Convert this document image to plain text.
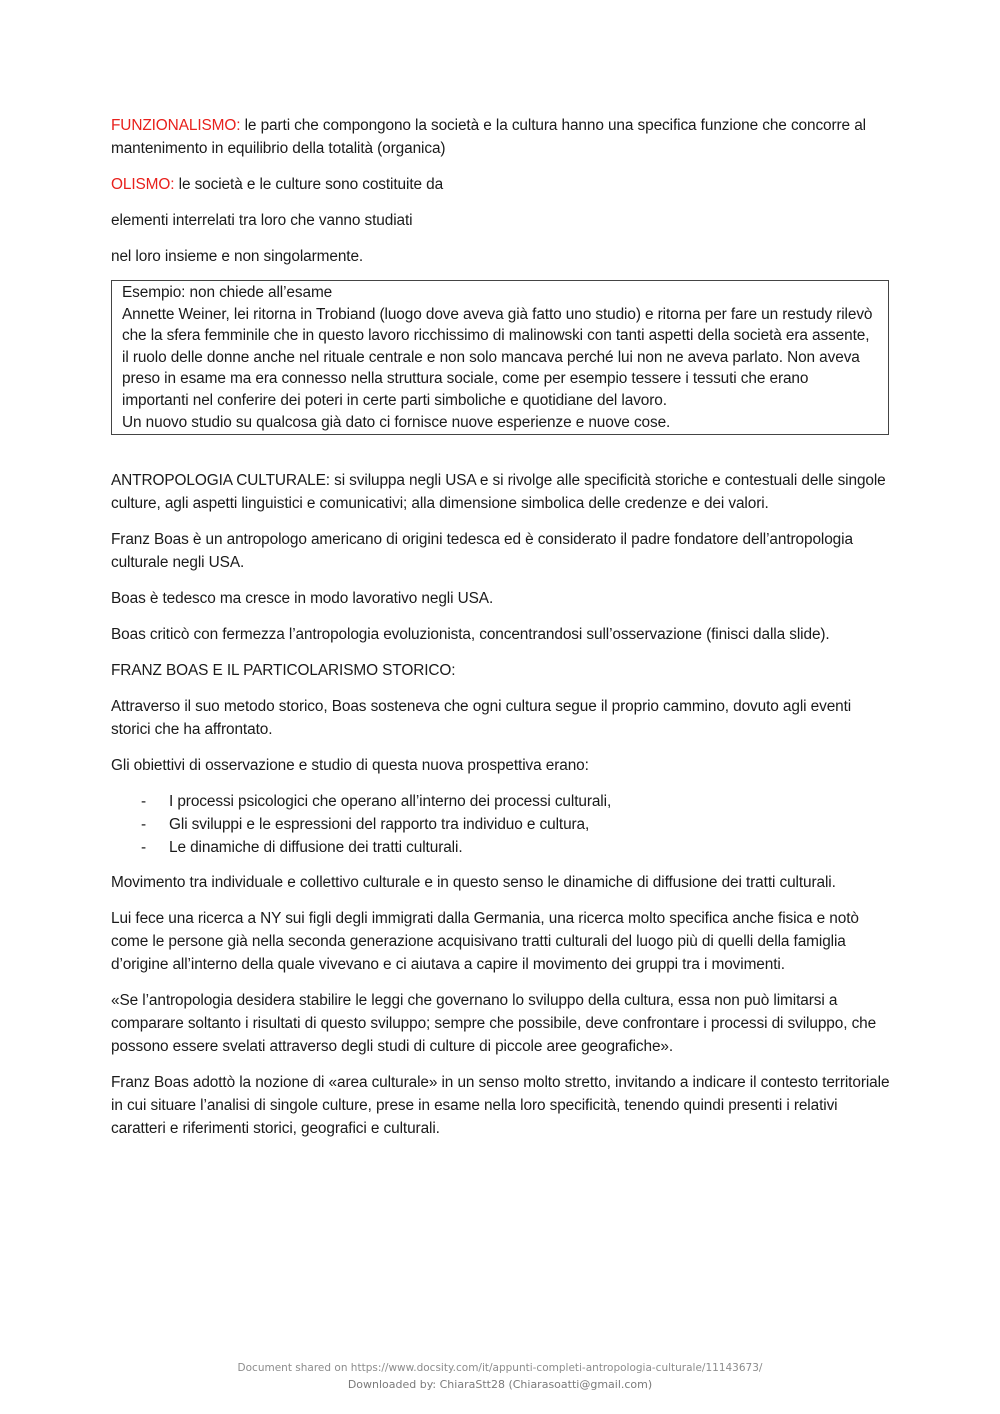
FUNZIONALISMO: le parti che compongono la società e la cultura hanno una specifica funzione che concorre al mantenimento in equilibrio della totalità (organica)

OLISMO: le società e le culture sono costituite da

elementi interrelati tra loro che vanno studiati

nel loro insieme e non singolarmente.

Esempio: non chiede all’esame

Annette Weiner, lei ritorna in Trobiand (luogo dove aveva già fatto uno studio) e ritorna per fare un restudy rilevò che la sfera femminile che in questo lavoro ricchissimo di malinowski con tanti aspetti della società era assente, il ruolo delle donne anche nel rituale centrale e non solo mancava perché lui non ne aveva parlato. Non aveva preso in esame ma era connesso nella struttura sociale, come per esempio tessere i tessuti che erano importanti nel conferire dei poteri in certe parti simboliche e quotidiane del lavoro.

Un nuovo studio su qualcosa già dato ci fornisce nuove esperienze e nuove cose.

ANTROPOLOGIA CULTURALE: si sviluppa negli USA e si rivolge alle specificità storiche e contestuali delle singole culture, agli aspetti linguistici e comunicativi; alla dimensione simbolica delle credenze e dei valori.

Franz Boas è un antropologo americano di origini tedesca ed è considerato il padre fondatore dell’antropologia culturale negli USA.

Boas è tedesco ma cresce in modo lavorativo negli USA.

Boas criticò con fermezza l’antropologia evoluzionista, concentrandosi sull’osservazione (finisci dalla slide).

FRANZ BOAS E IL PARTICOLARISMO STORICO:

Attraverso il suo metodo storico, Boas sosteneva che ogni cultura segue il proprio cammino, dovuto agli eventi storici che ha affrontato.

Gli obiettivi di osservazione e studio di questa nuova prospettiva erano:

- I processi psicologici che operano all’interno dei processi culturali,
- Gli sviluppi e le espressioni del rapporto tra individuo e cultura,
- Le dinamiche di diffusione dei tratti culturali.

Movimento tra individuale e collettivo culturale e in questo senso le dinamiche di diffusione dei tratti culturali.

Lui fece una ricerca a NY sui figli degli immigrati dalla Germania, una ricerca molto specifica anche fisica e notò come le persone già nella seconda generazione acquisivano tratti culturali del luogo più di quelli della famiglia d’origine all’interno della quale vivevano e ci aiutava a capire il movimento dei gruppi tra i movimenti.

«Se l’antropologia desidera stabilire le leggi che governano lo sviluppo della cultura, essa non può limitarsi a comparare soltanto i risultati di questo sviluppo; sempre che possibile, deve confrontare i processi di sviluppo, che possono essere svelati attraverso degli studi di culture di piccole aree geografiche».

Franz Boas adottò la nozione di «area culturale» in un senso molto stretto, invitando a indicare il contesto territoriale in cui situare l’analisi di singole culture, prese in esame nella loro specificità, tenendo quindi presenti i relativi caratteri e riferimenti storici, geografici e culturali.

Document shared on https://www.docsity.com/it/appunti-completi-antropologia-culturale/11143673/
Downloaded by: ChiaraStt28 (Chiarasoatti@gmail.com)
